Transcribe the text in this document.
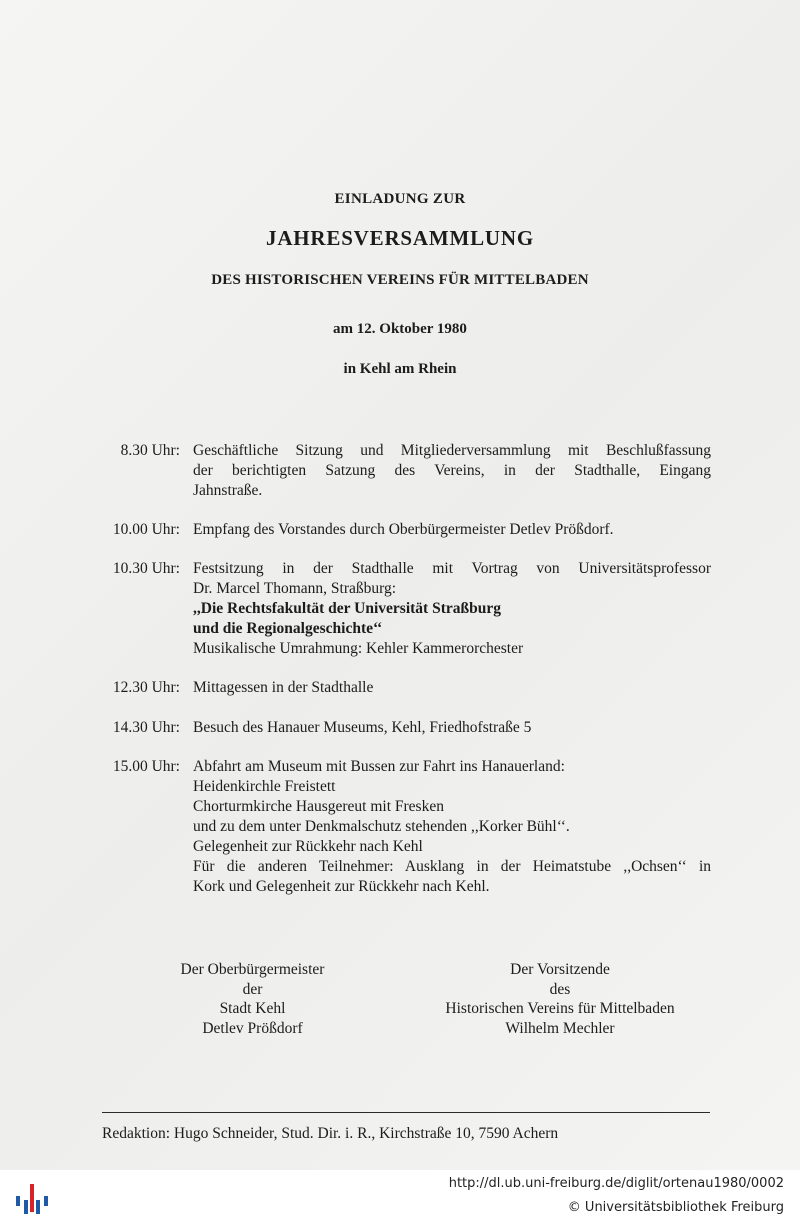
EINLADUNG ZUR
JAHRESVERSAMMLUNG
DES HISTORISCHEN VEREINS FÜR MITTELBADEN
am 12. Oktober 1980
in Kehl am Rhein
8.30 Uhr: Geschäftliche Sitzung und Mitgliederversammlung mit Beschlußfassung
der berichtigten Satzung des Vereins, in der Stadthalle, Eingang
Jahnstraße.
10.00 Uhr: Empfang des Vorstandes durch Oberbürgermeister Detlev Prößdorf.
10.30 Uhr: Festsitzung in der Stadthalle mit Vortrag von Universitätsprofessor
Dr. Marcel Thomann, Straßburg:
,,Die Rechtsfakultät der Universität Straßburg
und die Regionalgeschichte‘‘
Musikalische Umrahmung: Kehler Kammerorchester
12.30 Uhr: Mittagessen in der Stadthalle
14.30 Uhr: Besuch des Hanauer Museums, Kehl, Friedhofstraße 5
15.00 Uhr: Abfahrt am Museum mit Bussen zur Fahrt ins Hanauerland:
Heidenkirchle Freistett
Chorturmkirche Hausgereut mit Fresken
und zu dem unter Denkmalschutz stehenden ,,Korker Bühl‘‘.
Gelegenheit zur Rückkehr nach Kehl
Für die anderen Teilnehmer: Ausklang in der Heimatstube ,,Ochsen‘‘ in
Kork und Gelegenheit zur Rückkehr nach Kehl.
Der Oberbürgermeister
der
Stadt Kehl
Detlev Prößdorf
Der Vorsitzende
des
Historischen Vereins für Mittelbaden
Wilhelm Mechler
Redaktion: Hugo Schneider, Stud. Dir. i. R., Kirchstraße 10, 7590 Achern
http://dl.ub.uni-freiburg.de/diglit/ortenau1980/0002
© Universitätsbibliothek Freiburg
